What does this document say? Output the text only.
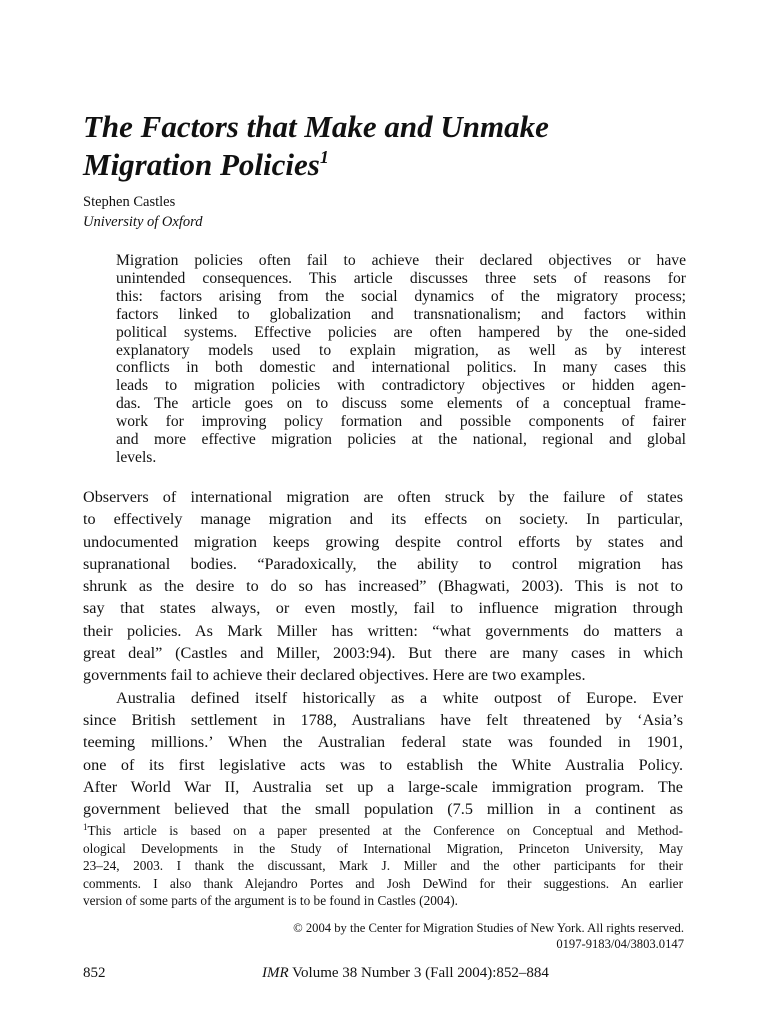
The Factors that Make and Unmake
Migration Policies$^1$
Stephen Castles
University of Oxford
Migration policies often fail to achieve their declared objectives or have
unintended consequences. This article discusses three sets of reasons for
this: factors arising from the social dynamics of the migratory process;
factors linked to globalization and transnationalism; and factors within
political systems. Effective policies are often hampered by the one-sided
explanatory models used to explain migration, as well as by interest
conflicts in both domestic and international politics. In many cases this
leads to migration policies with contradictory objectives or hidden agen-
das. The article goes on to discuss some elements of a conceptual frame-
work for improving policy formation and possible components of fairer
and more effective migration policies at the national, regional and global
levels.
Observers of international migration are often struck by the failure of states
to effectively manage migration and its effects on society. In particular,
undocumented migration keeps growing despite control efforts by states and
supranational bodies. “Paradoxically, the ability to control migration has
shrunk as the desire to do so has increased” (Bhagwati, 2003). This is not to
say that states always, or even mostly, fail to influence migration through
their policies. As Mark Miller has written: “what governments do matters a
great deal” (Castles and Miller, 2003:94). But there are many cases in which
governments fail to achieve their declared objectives. Here are two examples.
Australia defined itself historically as a white outpost of Europe. Ever
since British settlement in 1788, Australians have felt threatened by ‘Asia’s
teeming millions.’ When the Australian federal state was founded in 1901,
one of its first legislative acts was to establish the White Australia Policy.
After World War II, Australia set up a large-scale immigration program. The
government believed that the small population (7.5 million in a continent as
$^1$This article is based on a paper presented at the Conference on Conceptual and Method-
ological Developments in the Study of International Migration, Princeton University, May
23–24, 2003. I thank the discussant, Mark J. Miller and the other participants for their
comments. I also thank Alejandro Portes and Josh DeWind for their suggestions. An earlier
version of some parts of the argument is to be found in Castles (2004).
© 2004 by the Center for Migration Studies of New York. All rights reserved.
0197-9183/04/3803.0147
852	IMR Volume 38 Number 3 (Fall 2004):852–884
